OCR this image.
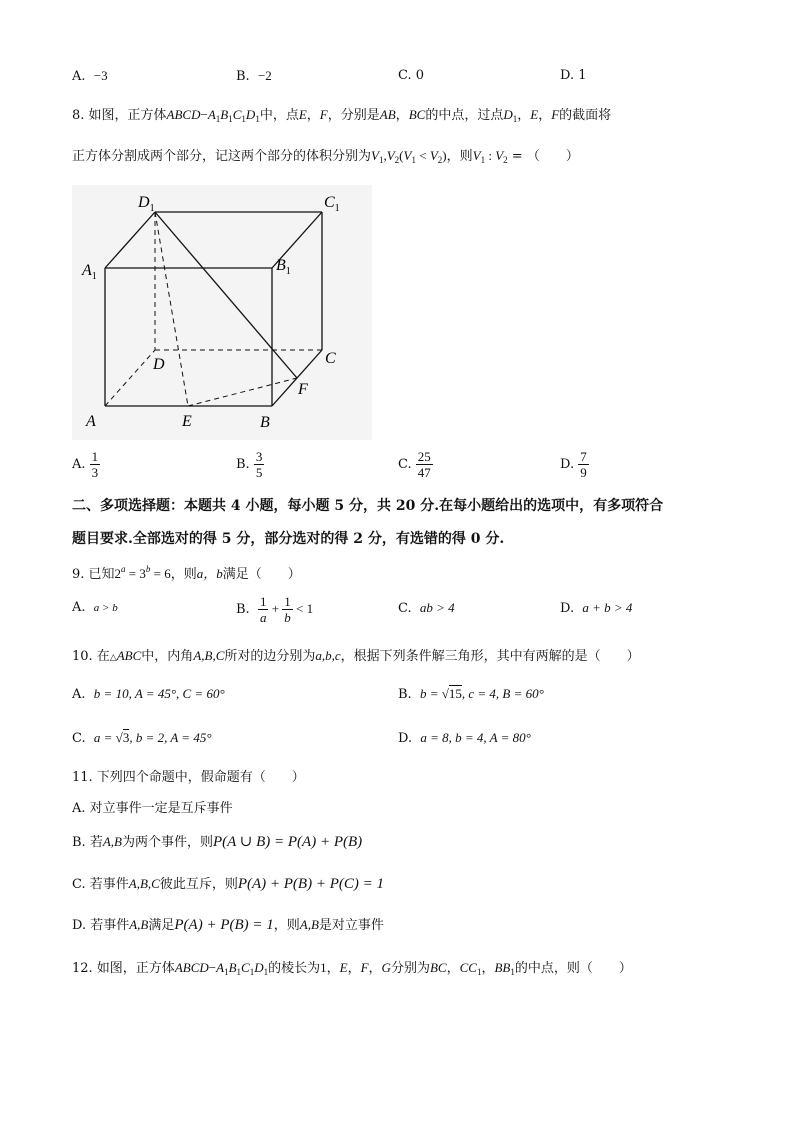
A. −3	B. −2	C. 0	D. 1
8. 如图，正方体$ABCD-A_1B_1C_1D_1$中，点E，F，分别是AB，BC的中点，过点$D_1$，E，F的截面将
正方体分割成两个部分，记这两个部分的体积分别为$V_1,V_2(V_1 < V_2)$，则$V_1$ : $V_2$ = （　　）
$D_1$	$C_1$
$A_1$
$B_1$
D	C
A	E	B
F
A. $\frac{1}{3}$	B. $\frac{3}{5}$	C. $\frac{25}{47}$	D. $\frac{7}{9}$
二、多项选择题：本题共 4 小题，每小题 5 分，共 20 分.在每小题给出的选项中，有多项符合
题目要求.全部选对的得 5 分，部分选对的得 2 分，有选错的得 0 分.
9. 已知$2^a = 3^b = 6$，则a，b满足（　　）
A. a > b	B. $\frac{1}{a} + \frac{1}{b} < 1$	C. ab > 4	D. a + b > 4
10. 在△ABC中，内角A,B,C所对的边分别为a,b,c，根据下列条件解三角形，其中有两解的是（　　）
A. b = 10, A = 45°, C = 60°	B. b = √15, c = 4, B = 60°
C. a = √3, b = 2, A = 45°	D. a = 8, b = 4, A = 80°
11. 下列四个命题中，假命题有（　　）
A. 对立事件一定是互斥事件
B. 若A,B为两个事件，则P(A ∪ B) = P(A) + P(B)
C. 若事件A,B,C彼此互斥，则P(A) + P(B) + P(C) = 1
D. 若事件A,B满足P(A) + P(B) = 1，则A,B是对立事件
12. 如图，正方体$ABCD-A_1B_1C_1D_1$的棱长为1，E，F，G分别为BC，$CC_1$，$BB_1$的中点，则（　　）
